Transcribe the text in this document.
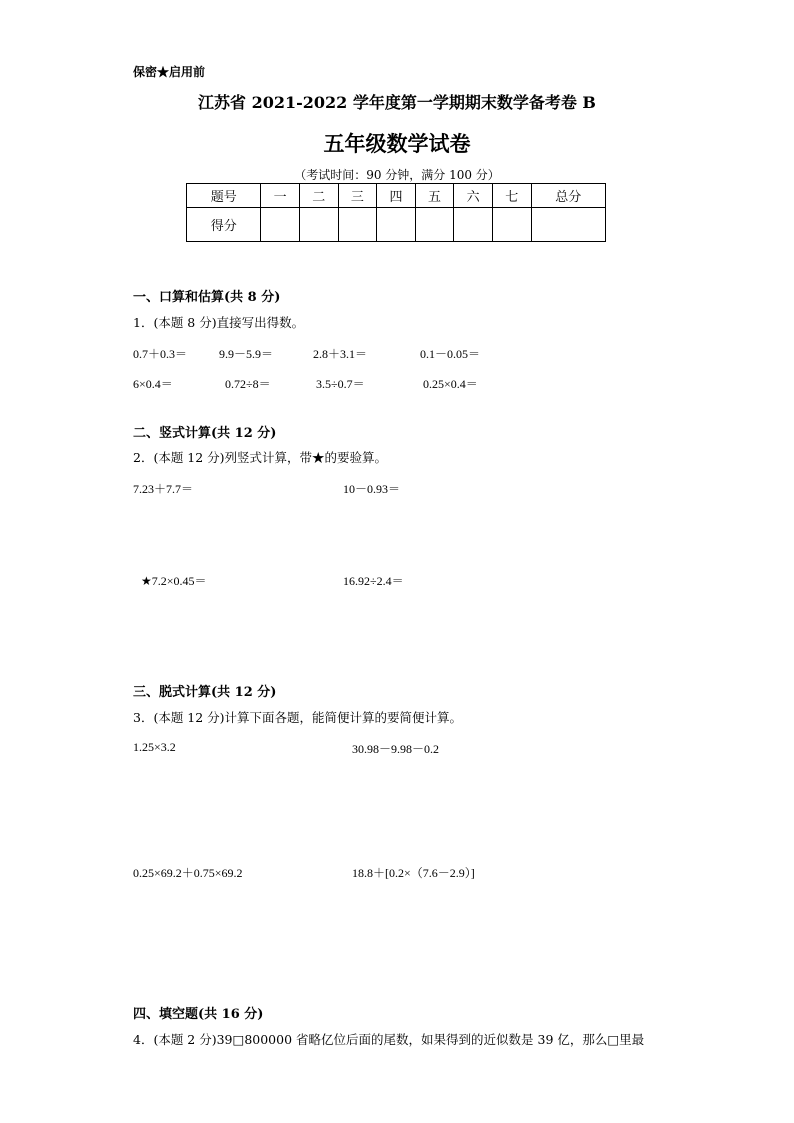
保密★启用前
江苏省 2021-2022 学年度第一学期期末数学备考卷 B
五年级数学试卷
（考试时间：90 分钟，满分 100 分）
题号	一	二	三	四	五	六	七	总分
得分								
一、口算和估算(共 8 分)
1．(本题 8 分)直接写出得数。
0.7＋0.3＝	9.9－5.9＝	2.8＋3.1＝	0.1－0.05＝
6×0.4＝	0.72÷8＝	3.5÷0.7＝	0.25×0.4＝
二、竖式计算(共 12 分)
2．(本题 12 分)列竖式计算，带★的要验算。
7.23＋7.7＝	10－0.93＝
★7.2×0.45＝	16.92÷2.4＝
三、脱式计算(共 12 分)
3．(本题 12 分)计算下面各题，能简便计算的要简便计算。
1.25×3.2	30.98－9.98－0.2
0.25×69.2＋0.75×69.2	18.8＋[0.2×（7.6－2.9）]
四、填空题(共 16 分)
4．(本题 2 分)39□800000 省略亿位后面的尾数，如果得到的近似数是 39 亿，那么□里最
